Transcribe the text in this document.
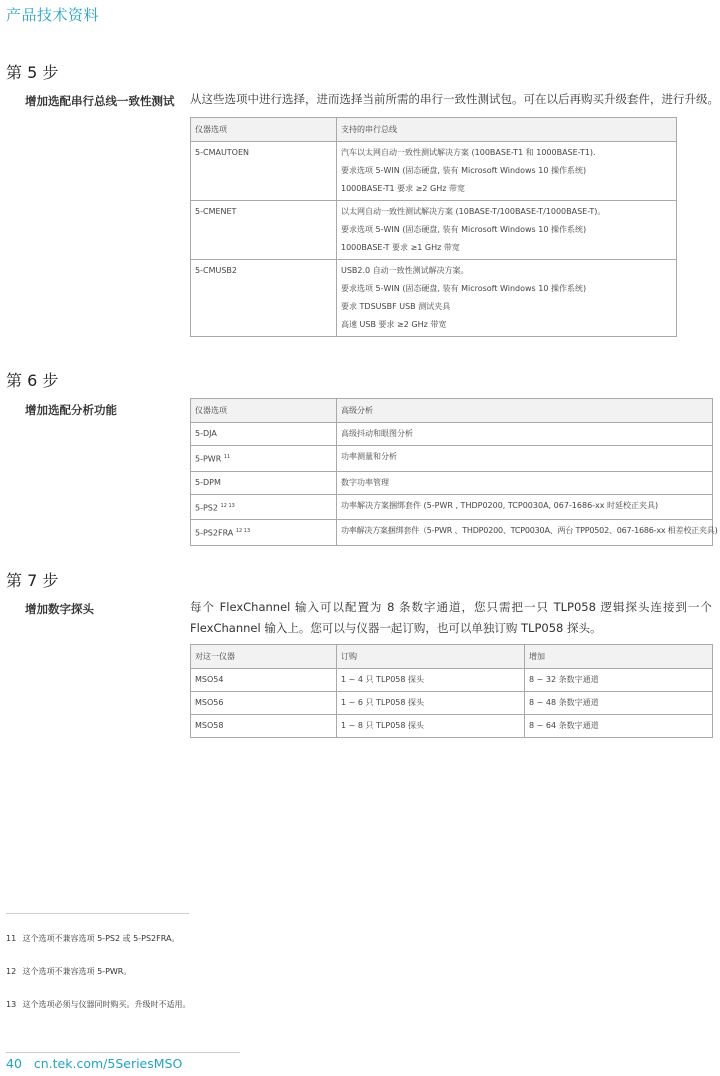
产品技术资料
第 5 步
增加选配串行总线一致性测试 从这些选项中进行选择，进而选择当前所需的串行一致性测试包。可在以后再购买升级套件，进行升级。
仪器选项	支持的串行总线
5-CMAUTOEN	汽车以太网自动一致性测试解决方案 (100BASE-T1 和 1000BASE-T1).
要求选项 5-WIN (固态硬盘, 装有 Microsoft Windows 10 操作系统)
1000BASE-T1 要求 ≥2 GHz 带宽

5-CMENET	以太网自动一致性测试解决方案 (10BASE-T/100BASE-T/1000BASE-T)。
要求选项 5-WIN (固态硬盘, 装有 Microsoft Windows 10 操作系统)
1000BASE-T 要求 ≥1 GHz 带宽

5-CMUSB2	USB2.0 自动一致性测试解决方案。
要求选项 5-WIN (固态硬盘, 装有 Microsoft Windows 10 操作系统)
要求 TDSUSBF USB 测试夹具
高速 USB 要求 ≥2 GHz 带宽
第 6 步
增加选配分析功能	仪器选项	高级分析
5-DJA	高级抖动和眼图分析
5-PWR $^{11}$	功率测量和分析
5-DPM	数字功率管理
5-PS2 $^{12 13}$	功率解决方案捆绑套件 (5-PWR , THDP0200, TCP0030A, 067-1686-xx 时延校正夹具)
5-PS2FRA $^{12 13}$	功率解决方案捆绑套件（5-PWR 、THDP0200、TCP0030A、两台 TPP0502、067-1686-xx 相差校正夹具)
第 7 步
增加数字探头	每个 FlexChannel 输入可以配置为 8 条数字通道，您只需把一只 TLP058 逻辑探头连接到一个 FlexChannel 输入上。您可以与仪器一起订购，也可以单独订购 TLP058 探头。
对这一仪器	订购	增加
MSO54	1 ~ 4 只 TLP058 探头	8 ~ 32 条数字通道
MSO56	1 ~ 6 只 TLP058 探头	8 ~ 48 条数字通道
MSO58	1 ~ 8 只 TLP058 探头	8 ~ 64 条数字通道
11 这个选项不兼容选项 5-PS2 或 5-PS2FRA。
12 这个选项不兼容选项 5-PWR。
13 这个选项必须与仪器同时购买。升级时不适用。
40 cn.tek.com/5SeriesMSO
